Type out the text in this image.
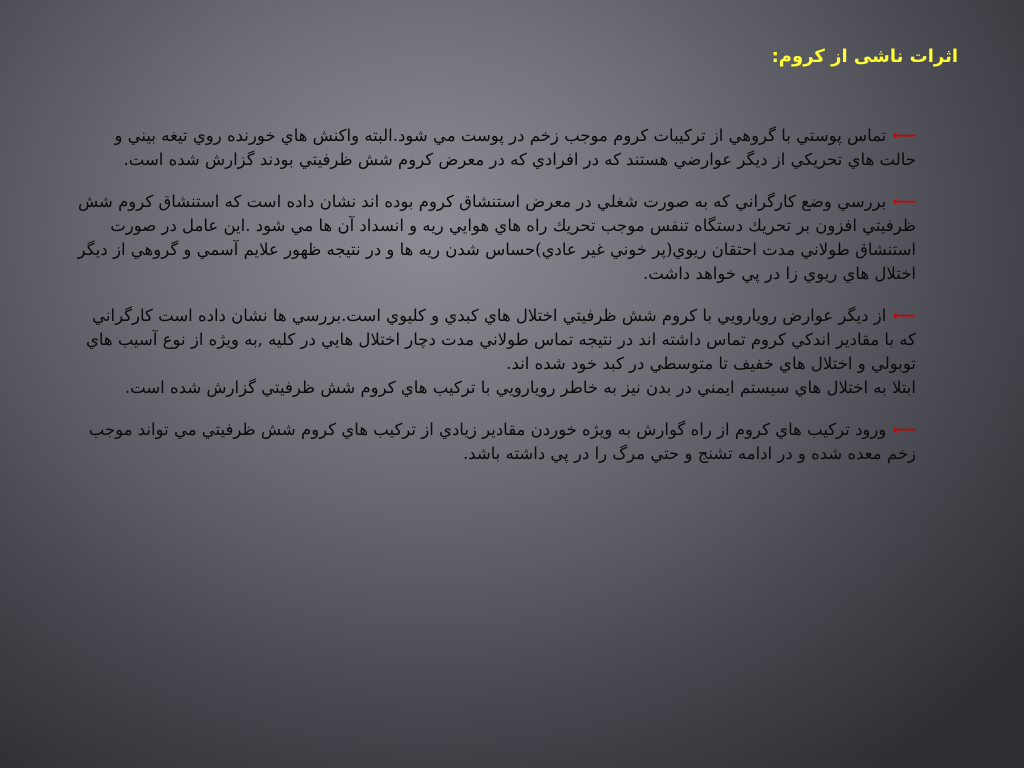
اثرات ناشی از کروم:

⟵تماس پوستي با گروهي از تركيبات كروم موجب زخم در پوست مي شود.البته واكنش هاي خورنده روي تيغه بيني و حالت هاي تحريكي از ديگر عوارضي هستند كه در افرادي كه در معرض كروم شش ظرفيتي بودند گزارش شده است.

⟵بررسي وضع كارگراني كه به صورت شغلي در معرض استنشاق كروم بوده اند نشان داده است كه استنشاق كروم شش ظرفيتي افزون بر تحريك دستگاه تنفس موجب تحريك راه هاي هوايي ريه و انسداد آن ها مي شود .اين عامل در صورت استنشاق طولاني مدت احتقان ريوي(پر خوني غير عادي)حساس شدن ريه ها و در نتيجه ظهور علايم آسمي و گروهي از ديگر اختلال هاي ريوي زا در پي خواهد داشت.

⟵از ديگر عوارض رويارويي با كروم شش ظرفيتي اختلال هاي كبدي و كليوي است.بررسي ها نشان داده است كارگراني كه با مقادير اندكي كروم تماس داشته اند در نتيجه تماس طولاني مدت دچار اختلال هايي در كليه ,به ويژه از نوع آسيب هاي توبولي و اختلال هاي خفيف تا متوسطي در كبد خود شده اند.
ابتلا به اختلال هاي سيستم ايمني در بدن نيز به خاطر رويارويي با تركيب هاي كروم شش ظرفيتي گزارش شده است.

⟵ورود تركيب هاي كروم از راه گوارش به ويژه خوردن مقادير زيادي از تركيب هاي كروم شش ظرفيتي مي تواند موجب زخم معده شده و در ادامه تشنج و حتي مرگ را در پي داشته باشد.
